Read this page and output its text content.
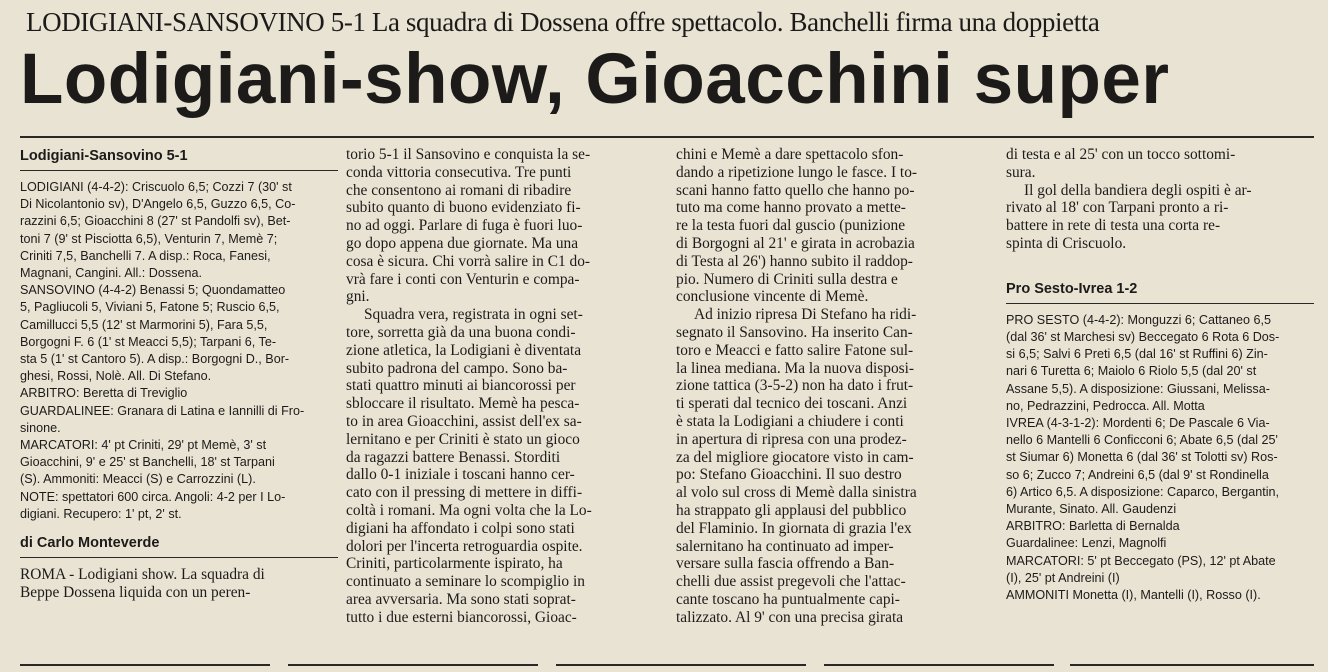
LODIGIANI-SANSOVINO 5-1 La squadra di Dossena offre spettacolo. Banchelli firma una doppietta
Lodigiani-show, Gioacchini super
Lodigiani-Sansovino 5-1

LODIGIANI (4-4-2): Criscuolo 6,5; Cozzi 7 (30' st

Di Nicolantonio sv), D'Angelo 6,5, Guzzo 6,5, Co-

razzini 6,5; Gioacchini 8 (27' st Pandolfi sv), Bet-

toni 7 (9' st Pisciotta 6,5), Venturin 7, Memè 7;

Criniti 7,5, Banchelli 7. A disp.: Roca, Fanesi,

Magnani, Cangini. All.: Dossena.

SANSOVINO (4-4-2) Benassi 5; Quondamatteo

5, Pagliucoli 5, Viviani 5, Fatone 5; Ruscio 6,5,

Camillucci 5,5 (12' st Marmorini 5), Fara 5,5,

Borgogni F. 6 (1' st Meacci 5,5); Tarpani 6, Te-

sta 5 (1' st Cantoro 5). A disp.: Borgogni D., Bor-

ghesi, Rossi, Nolè. All. Di Stefano.

ARBITRO: Beretta di Treviglio

GUARDALINEE: Granara di Latina e Iannilli di Fro-

sinone.

MARCATORI: 4' pt Criniti, 29' pt Memè, 3' st

Gioacchini, 9' e 25' st Banchelli, 18' st Tarpani

(S). Ammoniti: Meacci (S) e Carrozzini (L).

NOTE: spettatori 600 circa. Angoli: 4-2 per I Lo-

digiani. Recupero: 1' pt, 2' st.

di Carlo Monteverde

ROMA - Lodigiani show. La squadra di

Beppe Dossena liquida con un peren-

torio 5-1 il Sansovino e conquista la se-

conda vittoria consecutiva. Tre punti

che consentono ai romani di ribadire

subito quanto di buono evidenziato fi-

no ad oggi. Parlare di fuga è fuori luo-

go dopo appena due giornate. Ma una

cosa è sicura. Chi vorrà salire in C1 do-

vrà fare i conti con Venturin e compa-

gni.

Squadra vera, registrata in ogni set-

tore, sorretta già da una buona condi-

zione atletica, la Lodigiani è diventata

subito padrona del campo. Sono ba-

stati quattro minuti ai biancorossi per

sbloccare il risultato. Memè ha pesca-

to in area Gioacchini, assist dell'ex sa-

lernitano e per Criniti è stato un gioco

da ragazzi battere Benassi. Storditi

dallo 0-1 iniziale i toscani hanno cer-

cato con il pressing di mettere in diffi-

coltà i romani. Ma ogni volta che la Lo-

digiani ha affondato i colpi sono stati

dolori per l'incerta retroguardia ospite.

Criniti, particolarmente ispirato, ha

continuato a seminare lo scompiglio in

area avversaria. Ma sono stati soprat-

tutto i due esterni biancorossi, Gioac-

chini e Memè a dare spettacolo sfon-

dando a ripetizione lungo le fasce. I to-

scani hanno fatto quello che hanno po-

tuto ma come hanno provato a mette-

re la testa fuori dal guscio (punizione

di Borgogni al 21' e girata in acrobazia

di Testa al 26') hanno subito il raddop-

pio. Numero di Criniti sulla destra e

conclusione vincente di Memè.

Ad inizio ripresa Di Stefano ha ridi-

segnato il Sansovino. Ha inserito Can-

toro e Meacci e fatto salire Fatone sul-

la linea mediana. Ma la nuova disposi-

zione tattica (3-5-2) non ha dato i frut-

ti sperati dal tecnico dei toscani. Anzi

è stata la Lodigiani a chiudere i conti

in apertura di ripresa con una prodez-

za del migliore giocatore visto in cam-

po: Stefano Gioacchini. Il suo destro

al volo sul cross di Memè dalla sinistra

ha strappato gli applausi del pubblico

del Flaminio. In giornata di grazia l'ex

salernitano ha continuato ad imper-

versare sulla fascia offrendo a Ban-

chelli due assist pregevoli che l'attac-

cante toscano ha puntualmente capi-

talizzato. Al 9' con una precisa girata

di testa e al 25' con un tocco sottomi-

sura.

Il gol della bandiera degli ospiti è ar-

rivato al 18' con Tarpani pronto a ri-

battere in rete di testa una corta re-

spinta di Criscuolo.

Pro Sesto-Ivrea 1-2

PRO SESTO (4-4-2): Monguzzi 6; Cattaneo 6,5

(dal 36' st Marchesi sv) Beccegato 6 Rota 6 Dos-

si 6,5; Salvi 6 Preti 6,5 (dal 16' st Ruffini 6) Zin-

nari 6 Turetta 6; Maiolo 6 Riolo 5,5 (dal 20' st

Assane 5,5). A disposizione: Giussani, Melissa-

no, Pedrazzini, Pedrocca. All. Motta

IVREA (4-3-1-2): Mordenti 6; De Pascale 6 Via-

nello 6 Mantelli 6 Conficconi 6; Abate 6,5 (dal 25'

st Siumar 6) Monetta 6 (dal 36' st Tolotti sv) Ros-

so 6; Zucco 7; Andreini 6,5 (dal 9' st Rondinella

6) Artico 6,5. A disposizione: Caparco, Bergantin,

Murante, Sinato. All. Gaudenzi

ARBITRO: Barletta di Bernalda

Guardalinee: Lenzi, Magnolfi

MARCATORI: 5' pt Beccegato (PS), 12' pt Abate

(I), 25' pt Andreini (I)

AMMONITI Monetta (I), Mantelli (I), Rosso (I).
